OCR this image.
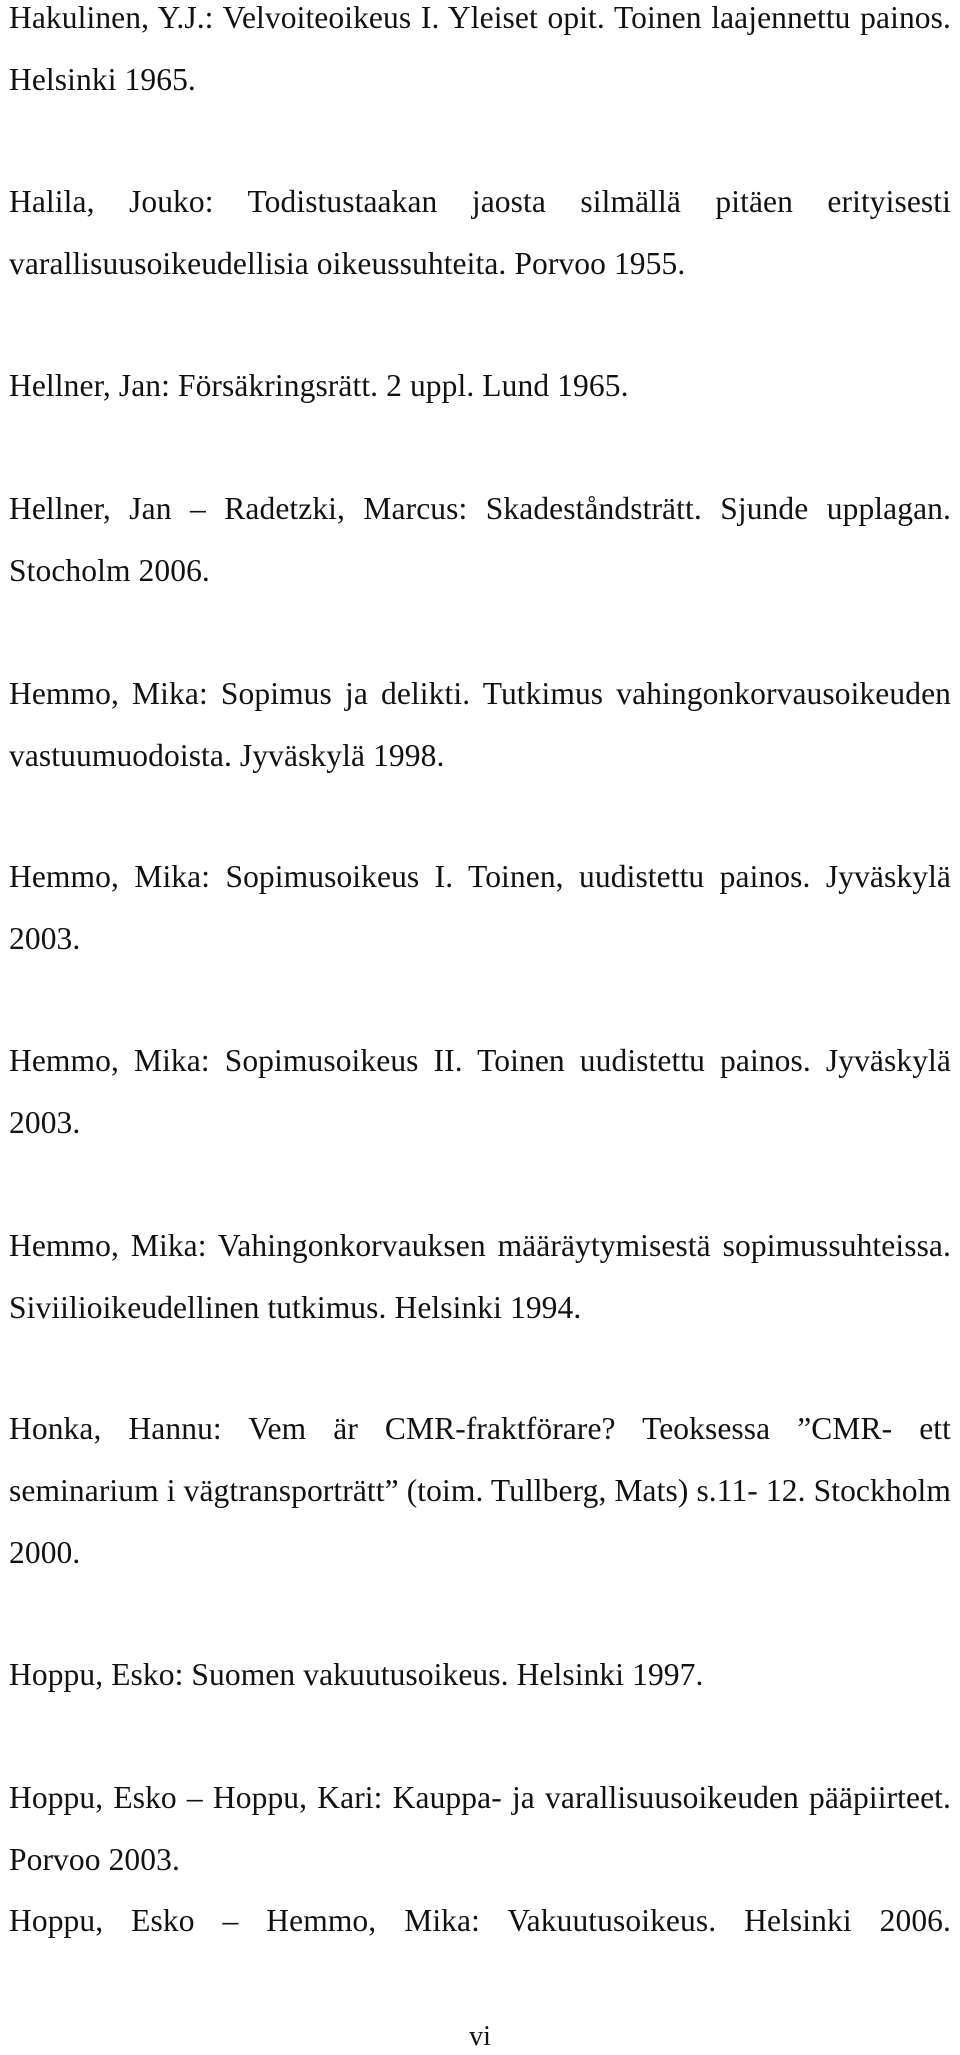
Hakulinen, Y.J.: Velvoiteoikeus I. Yleiset opit. Toinen laajennettu painos. Helsinki 1965.

Halila, Jouko: Todistustaakan jaosta silmällä pitäen erityisesti varallisuusoikeudellisia oikeussuhteita. Porvoo 1955.

Hellner, Jan: Försäkringsrätt. 2 uppl. Lund 1965.

Hellner, Jan – Radetzki, Marcus: Skadeståndsträtt. Sjunde upplagan. Stocholm 2006.

Hemmo, Mika: Sopimus ja delikti. Tutkimus vahingonkorvausoikeuden vastuumuodoista. Jyväskylä 1998.

Hemmo, Mika: Sopimusoikeus I. Toinen, uudistettu painos. Jyväskylä 2003.

Hemmo, Mika: Sopimusoikeus II. Toinen uudistettu painos. Jyväskylä 2003.

Hemmo, Mika: Vahingonkorvauksen määräytymisestä sopimussuhteissa. Siviilioikeudellinen tutkimus. Helsinki 1994.

Honka, Hannu: Vem är CMR-fraktförare? Teoksessa ”CMR- ett seminarium i vägtransporträtt” (toim. Tullberg, Mats) s.11- 12. Stockholm 2000.

Hoppu, Esko: Suomen vakuutusoikeus. Helsinki 1997.

Hoppu, Esko – Hoppu, Kari: Kauppa- ja varallisuusoikeuden pääpiirteet. Porvoo 2003.

Hoppu, Esko – Hemmo, Mika: Vakuutusoikeus. Helsinki 2006.

vi
